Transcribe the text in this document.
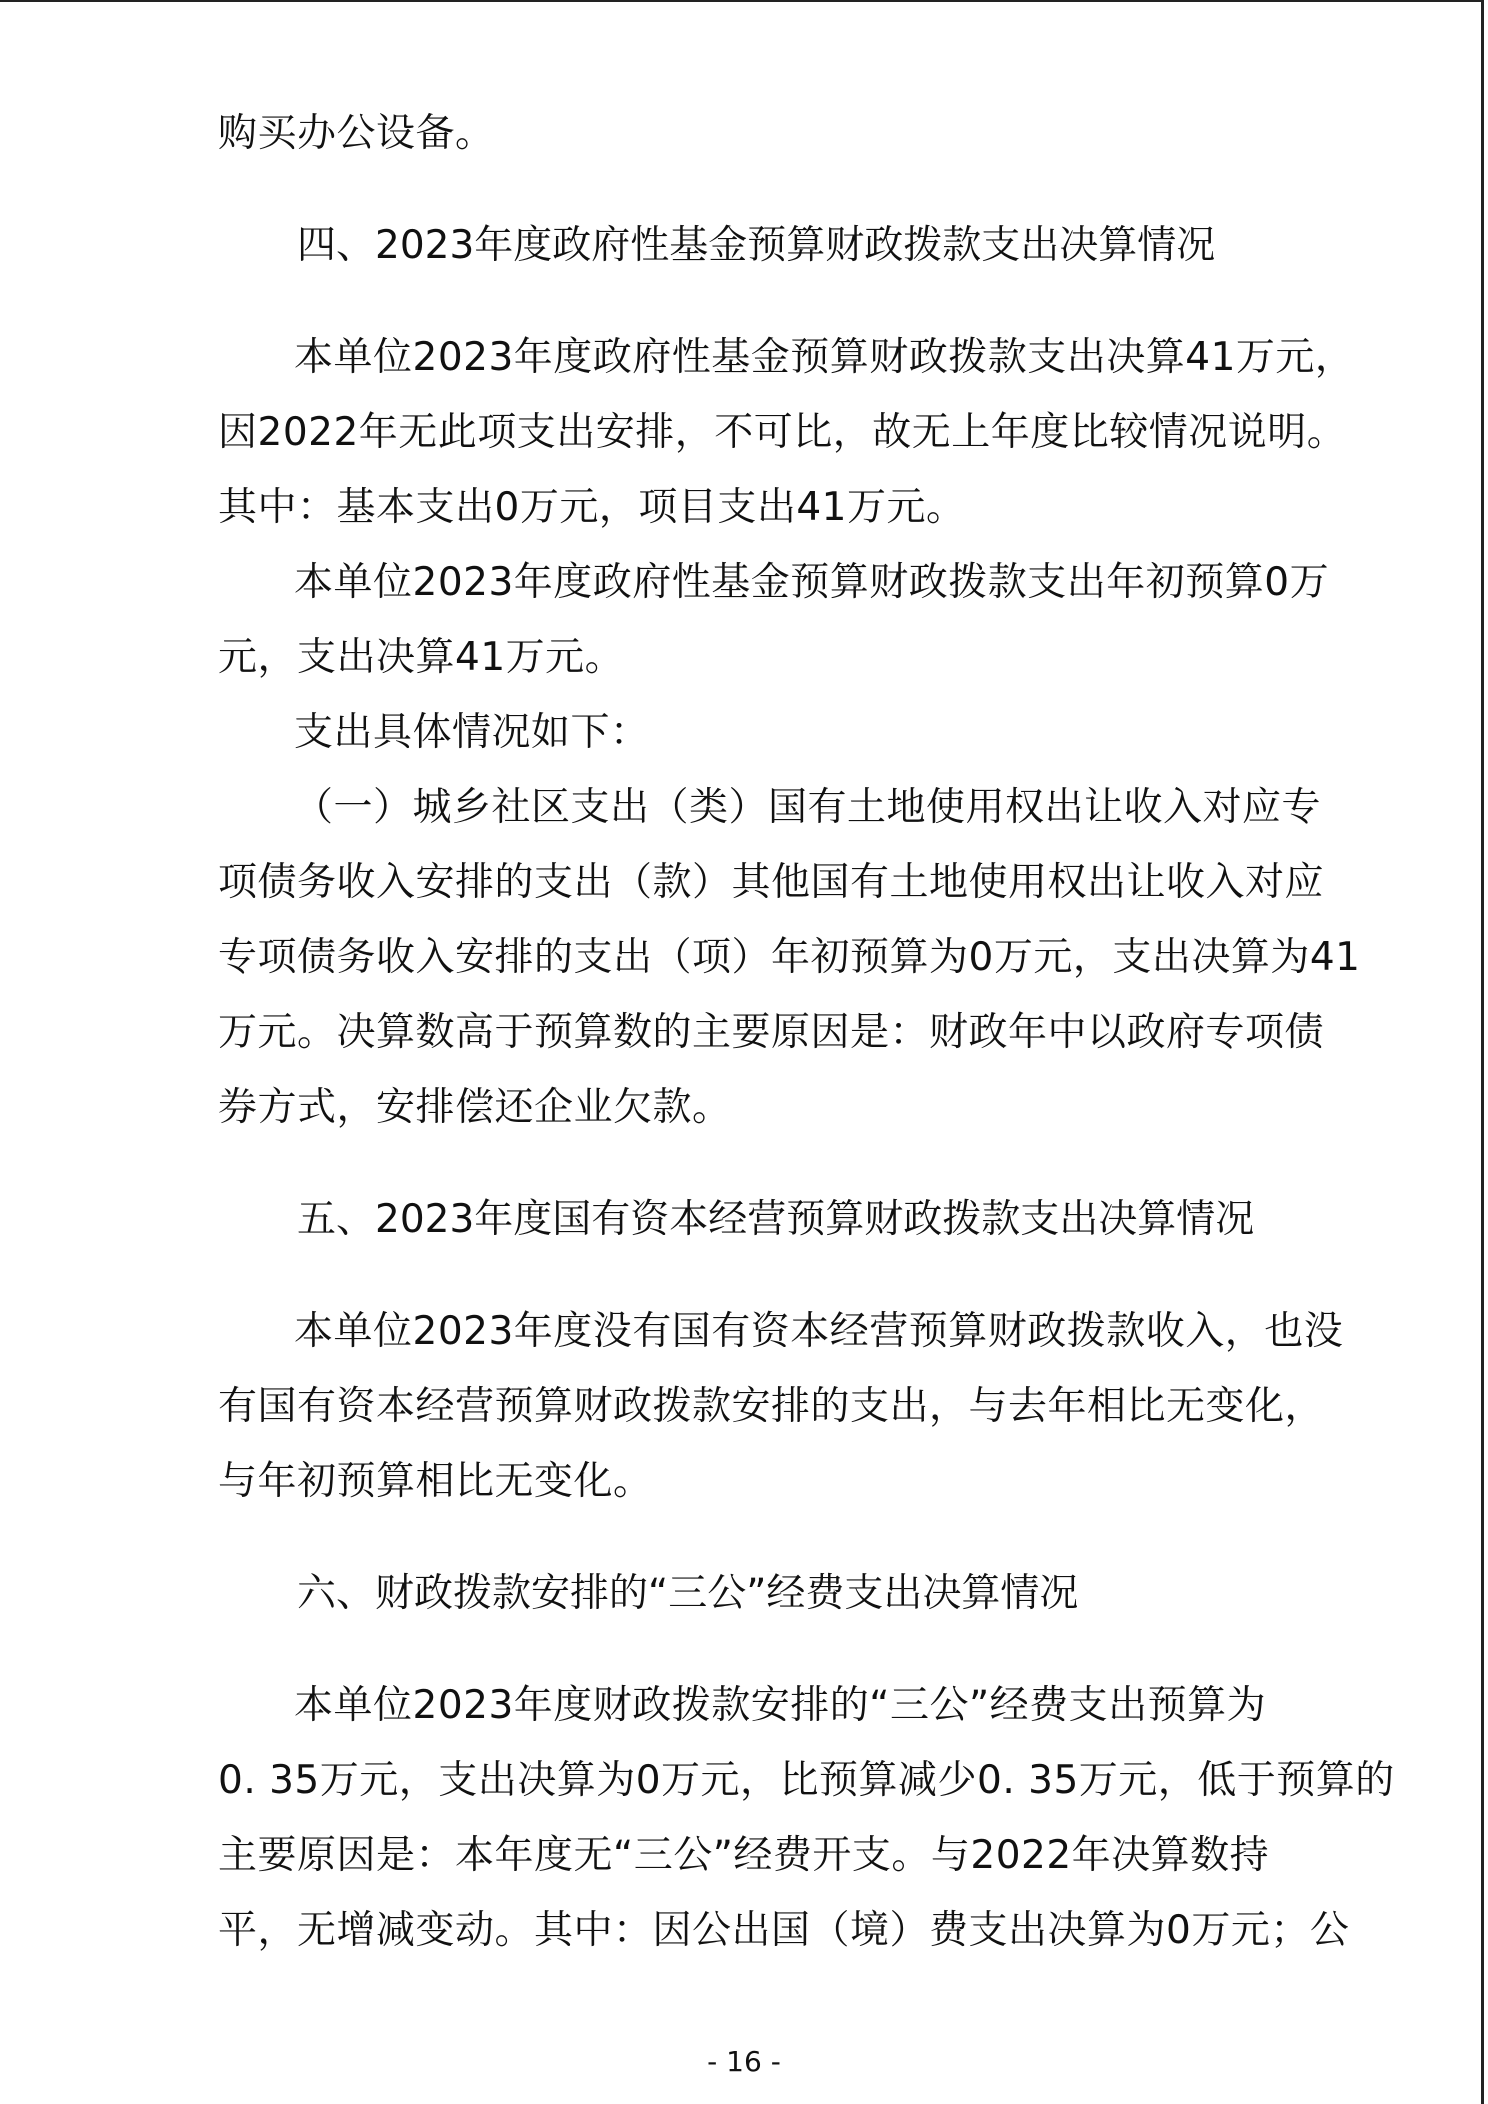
购买办公设备。
四、2023年度政府性基金预算财政拨款支出决算情况
本单位2023年度政府性基金预算财政拨款支出决算41万元，
因2022年无此项支出安排，不可比，故无上年度比较情况说明。
其中：基本支出0万元，项目支出41万元。
本单位2023年度政府性基金预算财政拨款支出年初预算0万
元，支出决算41万元。
支出具体情况如下：
（一）城乡社区支出（类）国有土地使用权出让收入对应专
项债务收入安排的支出（款）其他国有土地使用权出让收入对应
专项债务收入安排的支出（项）年初预算为0万元，支出决算为41
万元。决算数高于预算数的主要原因是：财政年中以政府专项债
券方式，安排偿还企业欠款。
五、2023年度国有资本经营预算财政拨款支出决算情况
本单位2023年度没有国有资本经营预算财政拨款收入，也没
有国有资本经营预算财政拨款安排的支出，与去年相比无变化，
与年初预算相比无变化。
六、财政拨款安排的“三公”经费支出决算情况
本单位2023年度财政拨款安排的“三公”经费支出预算为
0. 35万元，支出决算为0万元，比预算减少0. 35万元，低于预算的
主要原因是：本年度无“三公”经费开支。与2022年决算数持
平，无增减变动。其中：因公出国（境）费支出决算为0万元；公
- 16 -
